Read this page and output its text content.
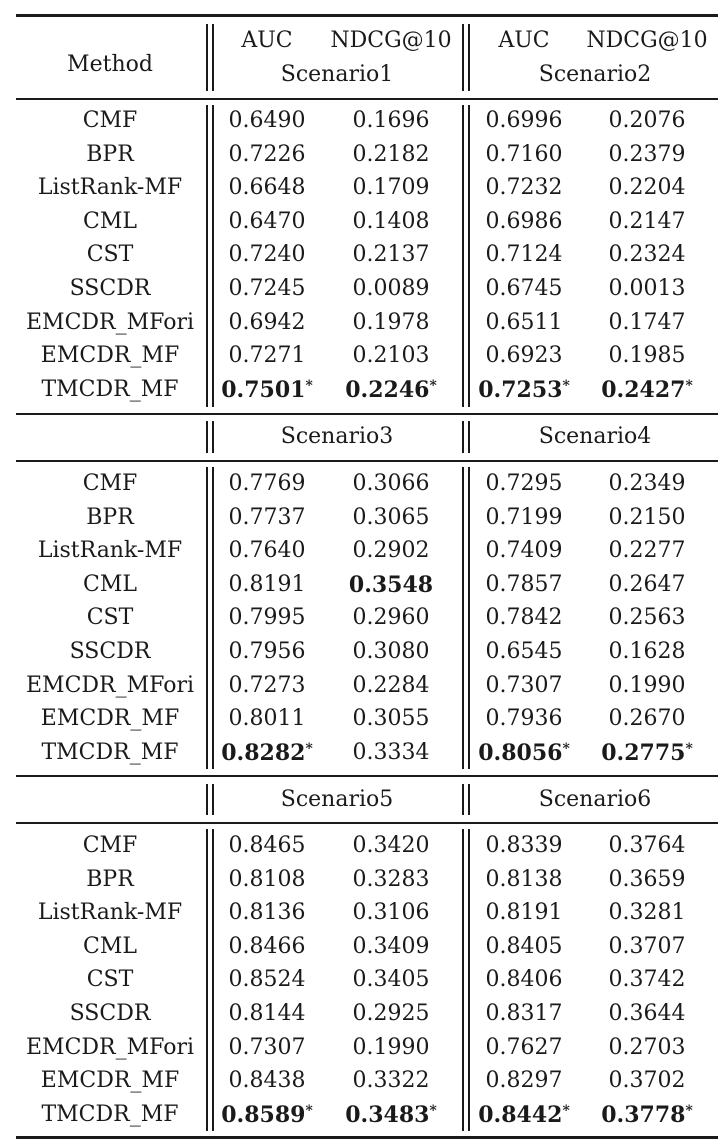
Method
AUC NDCG@10 AUC NDCG@10
Scenario1	Scenario2
CMF	0.6490 0.1696	0.6996 0.2076
BPR	0.7226 0.2182	0.7160 0.2379
ListRank-MF 0.6648 0.1709	0.7232 0.2204
CML	0.6470 0.1408	0.6986 0.2147
CST	0.7240 0.2137	0.7124 0.2324
SSCDR	0.7245 0.0089	0.6745 0.0013
EMCDR_MFori 0.6942 0.1978	0.6511 0.1747
EMCDR_MF 0.7271 0.2103	0.6923 0.1985
TMCDR_MF 0.7501* 0.2246* 0.7253* 0.2427*
Scenario3	Scenario4
CMF	0.7769 0.3066	0.7295 0.2349
BPR	0.7737 0.3065	0.7199 0.2150
ListRank-MF 0.7640 0.2902	0.7409 0.2277
CML	0.8191 0.3548 0.7857 0.2647
CST	0.7995 0.2960	0.7842 0.2563
SSCDR	0.7956 0.3080	0.6545 0.1628
EMCDR_MFori 0.7273 0.2284	0.7307 0.1990
EMCDR_MF 0.8011 0.3055	0.7936 0.2670
TMCDR_MF 0.8282* 0.3334 0.8056* 0.2775*
Scenario5	Scenario6
CMF	0.8465 0.3420	0.8339 0.3764
BPR	0.8108 0.3283	0.8138 0.3659
ListRank-MF 0.8136 0.3106	0.8191 0.3281
CML	0.8466 0.3409	0.8405 0.3707
CST	0.8524 0.3405	0.8406 0.3742
SSCDR	0.8144 0.2925	0.8317 0.3644
EMCDR_MFori 0.7307 0.1990	0.7627 0.2703
EMCDR_MF 0.8438 0.3322	0.8297 0.3702
TMCDR_MF 0.8589* 0.3483* 0.8442* 0.3778*
